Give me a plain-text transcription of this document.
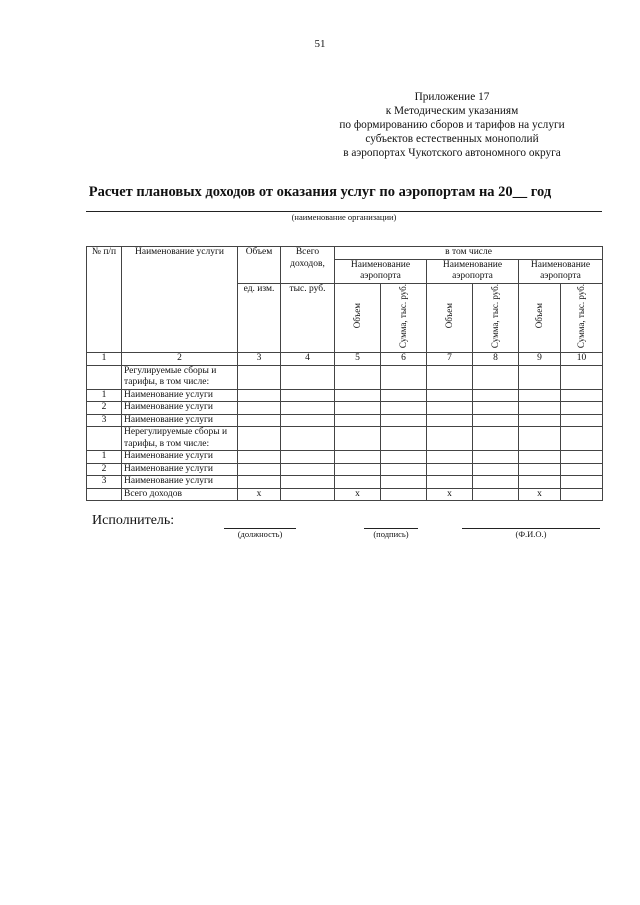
51
Приложение 17
к Методическим указаниям
по формированию сборов и тарифов на услуги
субъектов естественных монополий
в аэропортах Чукотского автономного округа
Расчет плановых доходов от оказания услуг по аэропортам на 20__ год
(наименование организации)
№ п/п	Наименование услуги	Объем	Всего доходов,	в том числе					
				Наименование аэропорта		Наименование аэропорта		Наименование аэропорта	
		ед. изм.	тыс. руб.	Объем	Сумма, тыс. руб.	Объем	Сумма, тыс. руб.	Объем	Сумма, тыс. руб.
1	2	3	4	5	6	7	8	9	10
	Регулируемые сборы и тарифы, в том числе:								
1	Наименование услуги								
2	Наименование услуги								
3	Наименование услуги								
	Нерегулируемые сборы и тарифы, в том числе:								
1	Наименование услуги								
2	Наименование услуги								
3	Наименование услуги								
	Всего доходов	х		х		х		х	
Исполнитель:
(должность)	(подпись)	(Ф.И.О.)
